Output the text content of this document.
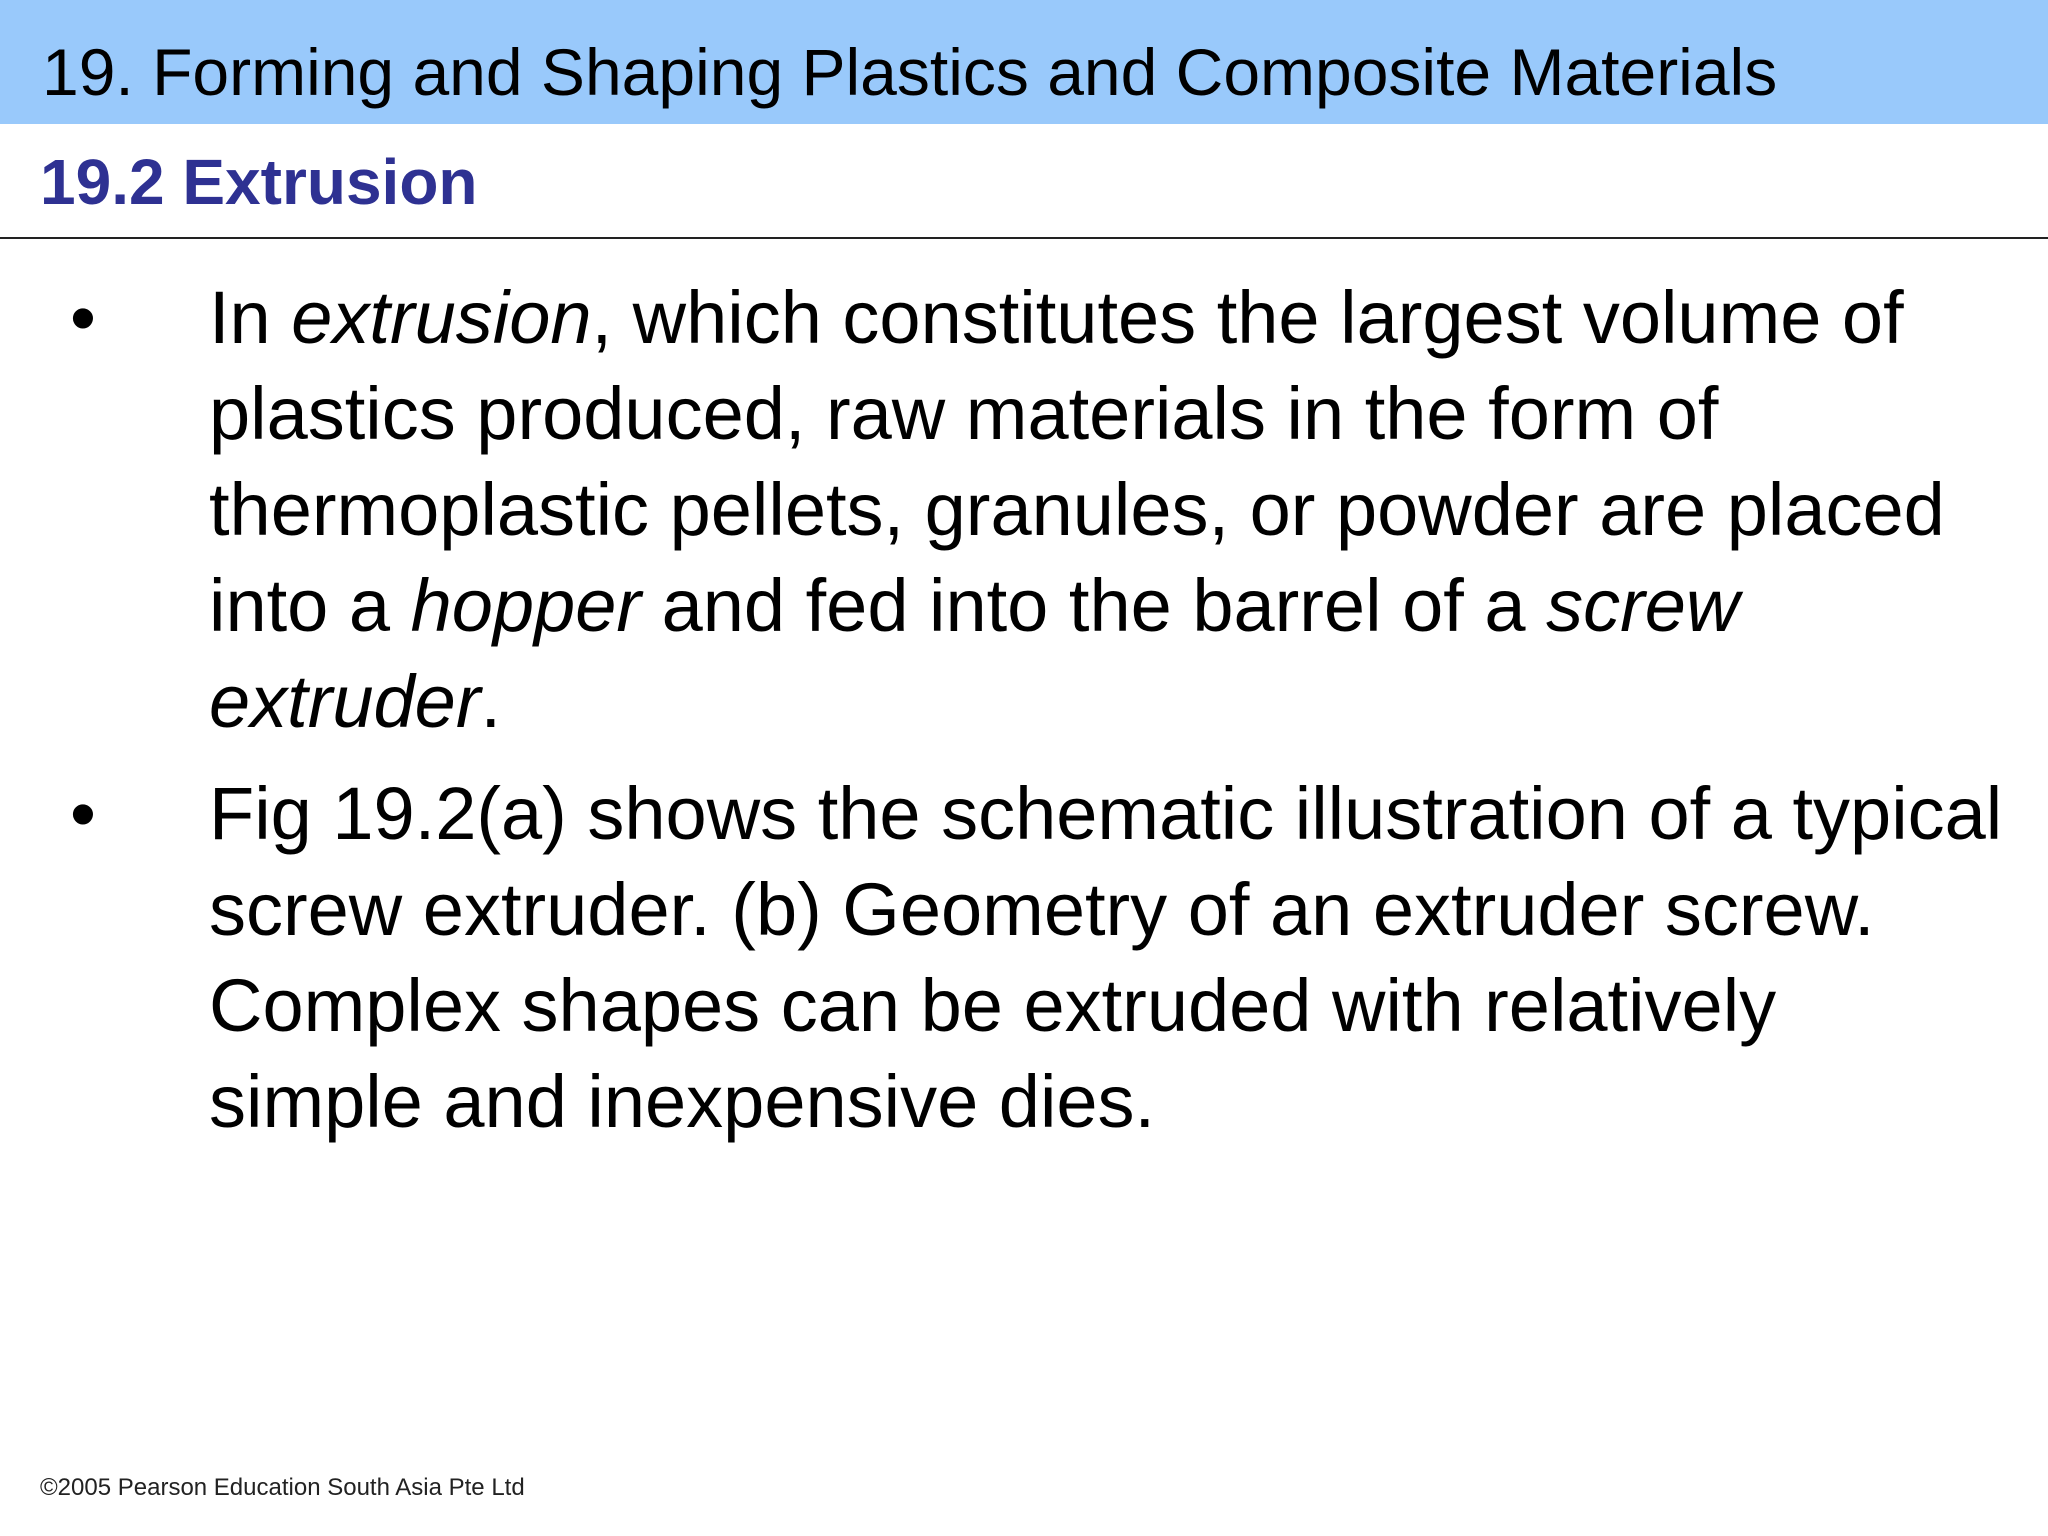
19. Forming and Shaping Plastics and Composite Materials
19.2 Extrusion
• In extrusion, which constitutes the largest volume of plastics produced, raw materials in the form of thermoplastic pellets, granules, or powder are placed into a hopper and fed into the barrel of a screw extruder.
• Fig 19.2(a) shows the schematic illustration of a typical screw extruder. (b) Geometry of an extruder screw. Complex shapes can be extruded with relatively simple and inexpensive dies.
©2005 Pearson Education South Asia Pte Ltd
